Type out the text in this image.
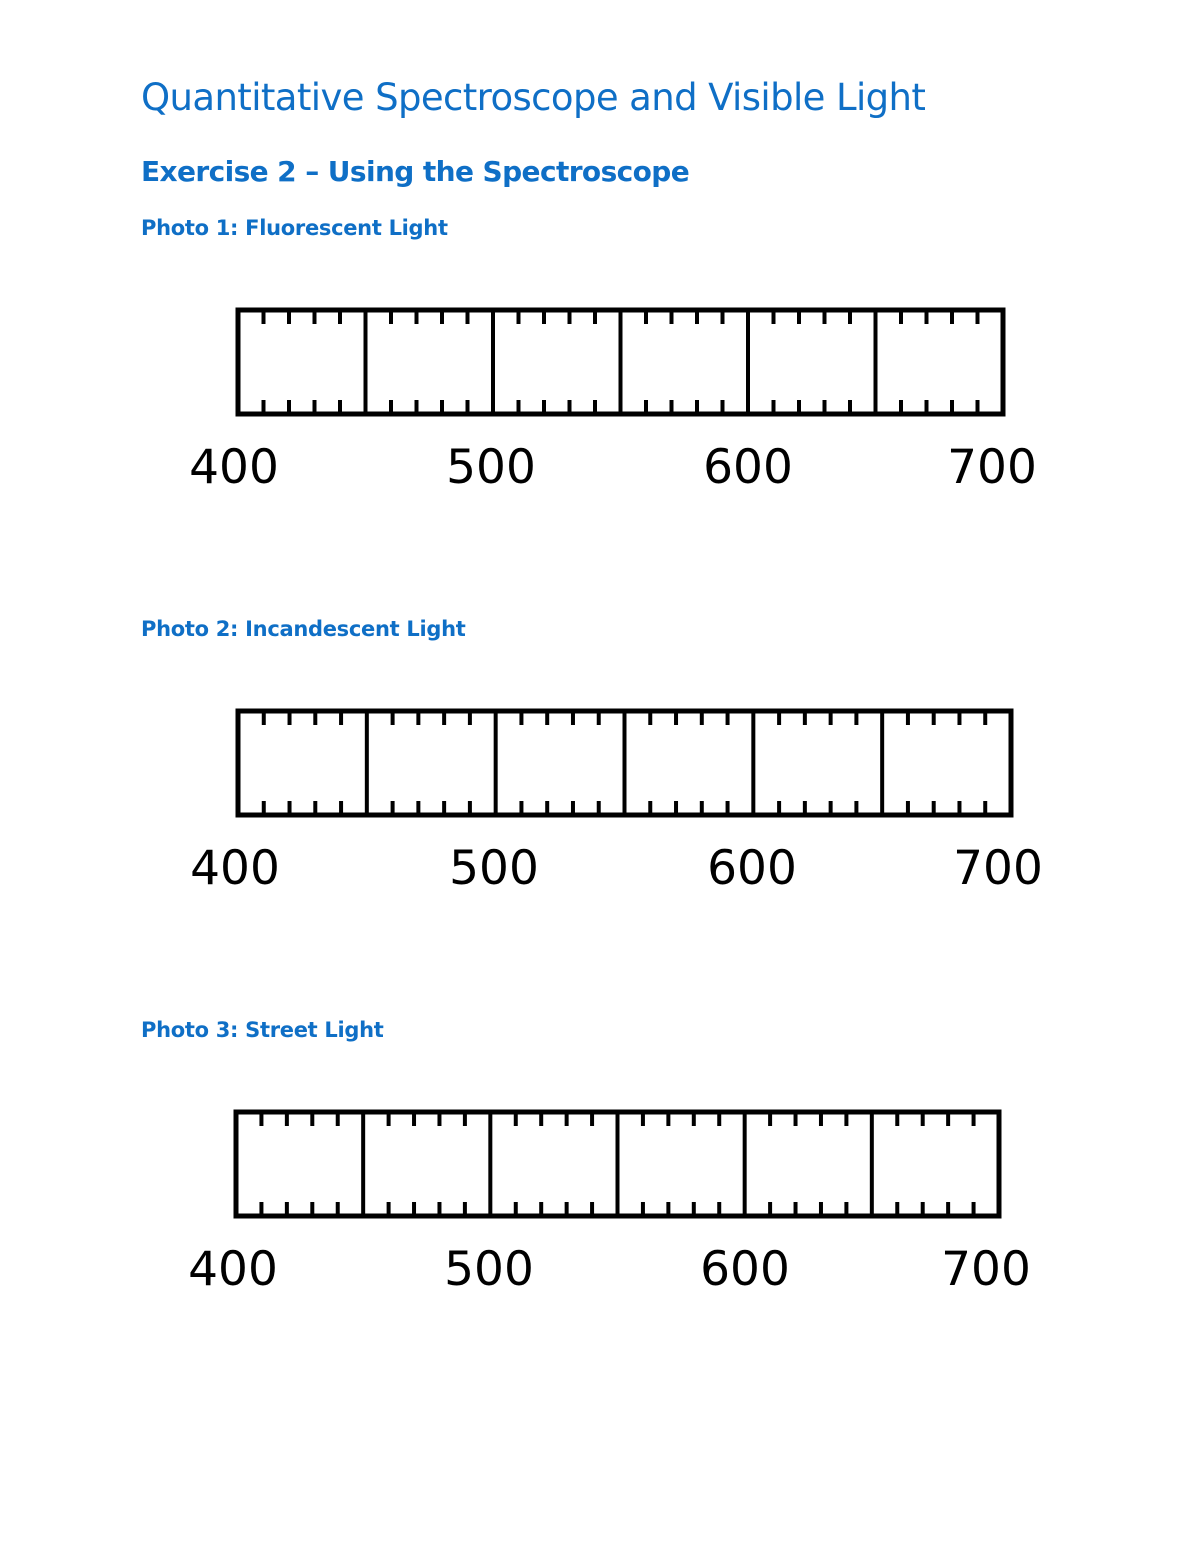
Quantitative Spectroscope and Visible Light
Exercise 2 – Using the Spectroscope
Photo 1: Fluorescent Light
400	500	600	700
Photo 2: Incandescent Light
400	500	600	700
Photo 3: Street Light
400	500	600	700
